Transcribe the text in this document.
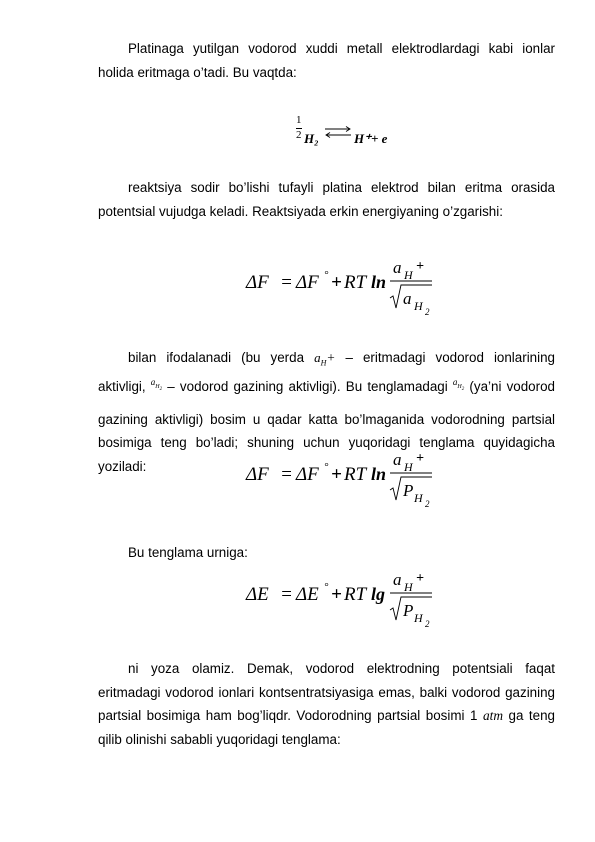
Platinaga yutilgan vodorod xuddi metall elektrodlardagi kabi ionlar holida eritmaga o’tadi. Bu vaqtda:
1
2 H₂ ⇌ H⁺+ e
reaktsiya sodir bo’lishi tufayli platina elektrod bilan eritma orasida potentsial vujudga keladi. Reaktsiyada erkin energiyaning o’zgarishi:
ΔF = ΔF ° + RT ln
a H
+
a H 2
bilan ifodalanadi (bu yerda $a_H+$ – eritmadagi vodorod ionlarining aktivligi, $^{a_{H_2}}$ – vodorod gazining aktivligi). Bu tenglamadagi $^{a_{H_2}}$ (ya’ni vodorod gazining aktivligi) bosim u qadar katta bo’lmaganida vodorodning partsial bosimiga teng bo’ladi; shuning uchun yuqoridagi tenglama quyidagicha yoziladi:	ΔF = ΔF ° + RT ln
a H
+
P H 2
Bu tenglama urniga:
ΔE = ΔE ° + RT lg
a H
+
P H 2
ni yoza olamiz. Demak, vodorod elektrodning potentsiali faqat eritmadagi vodorod ionlari kontsentratsiyasiga emas, balki vodorod gazining partsial bosimiga ham bog’liqdr. Vodorodning partsial bosimi 1 atm ga teng qilib olinishi sababli yuqoridagi tenglama:
